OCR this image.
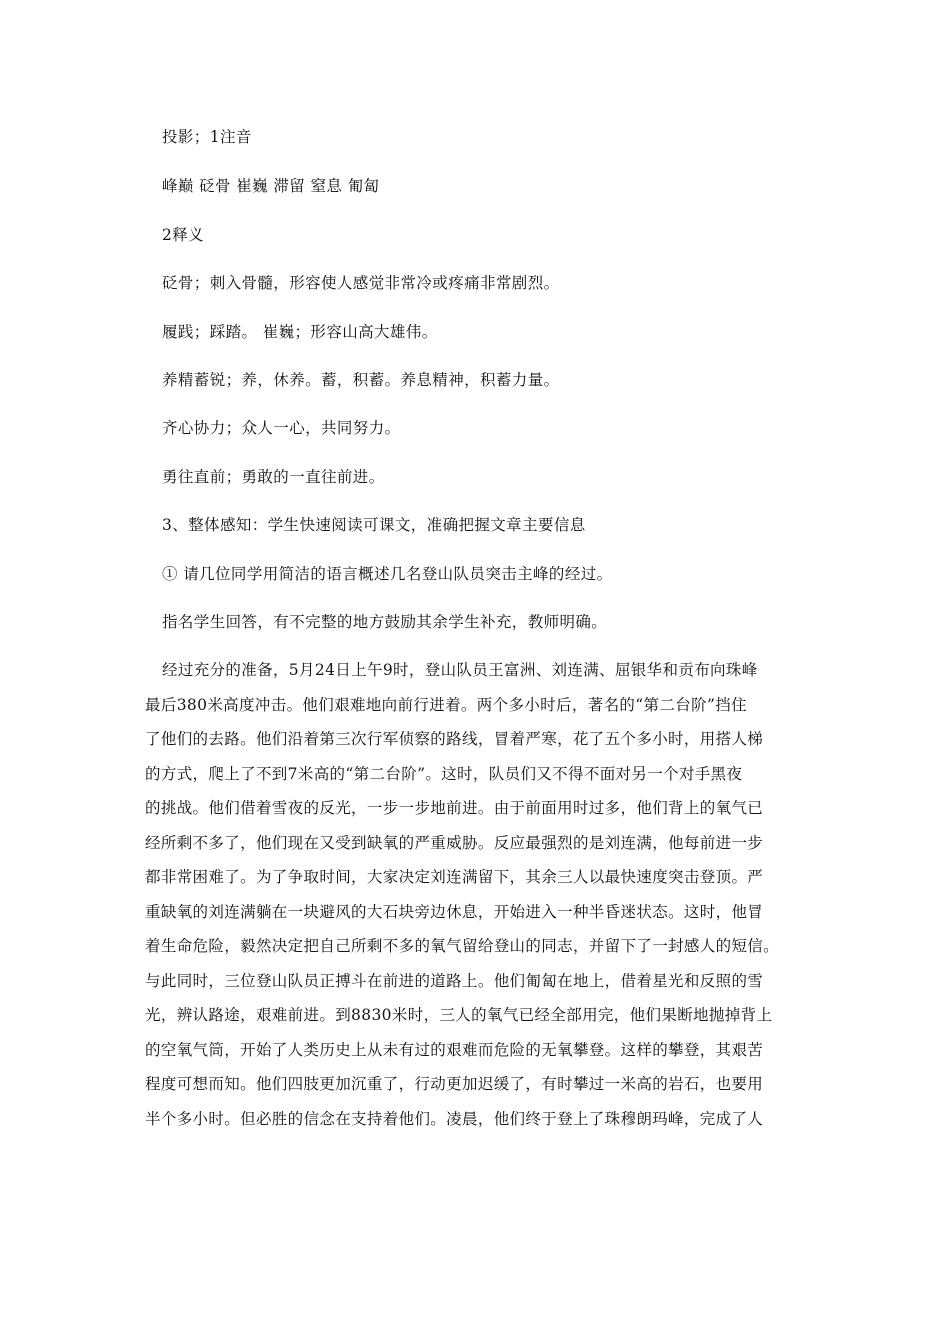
投影；1注音
峰巅 砭骨 崔巍 滞留 窒息 匍匐
2释义
砭骨；刺入骨髓，形容使人感觉非常冷或疼痛非常剧烈。
履践；踩踏。 崔巍；形容山高大雄伟。
养精蓄锐；养，休养。蓄，积蓄。养息精神，积蓄力量。
齐心协力；众人一心，共同努力。
勇往直前；勇敢的一直往前进。
3、整体感知：学生快速阅读可课文，准确把握文章主要信息
① 请几位同学用简洁的语言概述几名登山队员突击主峰的经过。
指名学生回答，有不完整的地方鼓励其余学生补充，教师明确。
经过充分的准备，5月24日上午9时，登山队员王富洲、刘连满、屈银华和贡布向珠峰
最后380米高度冲击。他们艰难地向前行进着。两个多小时后，著名的“第二台阶”挡住
了他们的去路。他们沿着第三次行军侦察的路线，冒着严寒，花了五个多小时，用搭人梯
的方式，爬上了不到7米高的“第二台阶”。这时，队员们又不得不面对另一个对手黑夜
的挑战。他们借着雪夜的反光，一步一步地前进。由于前面用时过多，他们背上的氧气已
经所剩不多了，他们现在又受到缺氧的严重威胁。反应最强烈的是刘连满，他每前进一步
都非常困难了。为了争取时间，大家决定刘连满留下，其余三人以最快速度突击登顶。严
重缺氧的刘连满躺在一块避风的大石块旁边休息，开始进入一种半昏迷状态。这时，他冒
着生命危险，毅然决定把自己所剩不多的氧气留给登山的同志，并留下了一封感人的短信。
与此同时，三位登山队员正搏斗在前进的道路上。他们匍匐在地上，借着星光和反照的雪
光，辨认路途，艰难前进。到8830米时，三人的氧气已经全部用完，他们果断地抛掉背上
的空氧气筒，开始了人类历史上从未有过的艰难而危险的无氧攀登。这样的攀登，其艰苦
程度可想而知。他们四肢更加沉重了，行动更加迟缓了，有时攀过一米高的岩石，也要用
半个多小时。但必胜的信念在支持着他们。凌晨，他们终于登上了珠穆朗玛峰，完成了人
